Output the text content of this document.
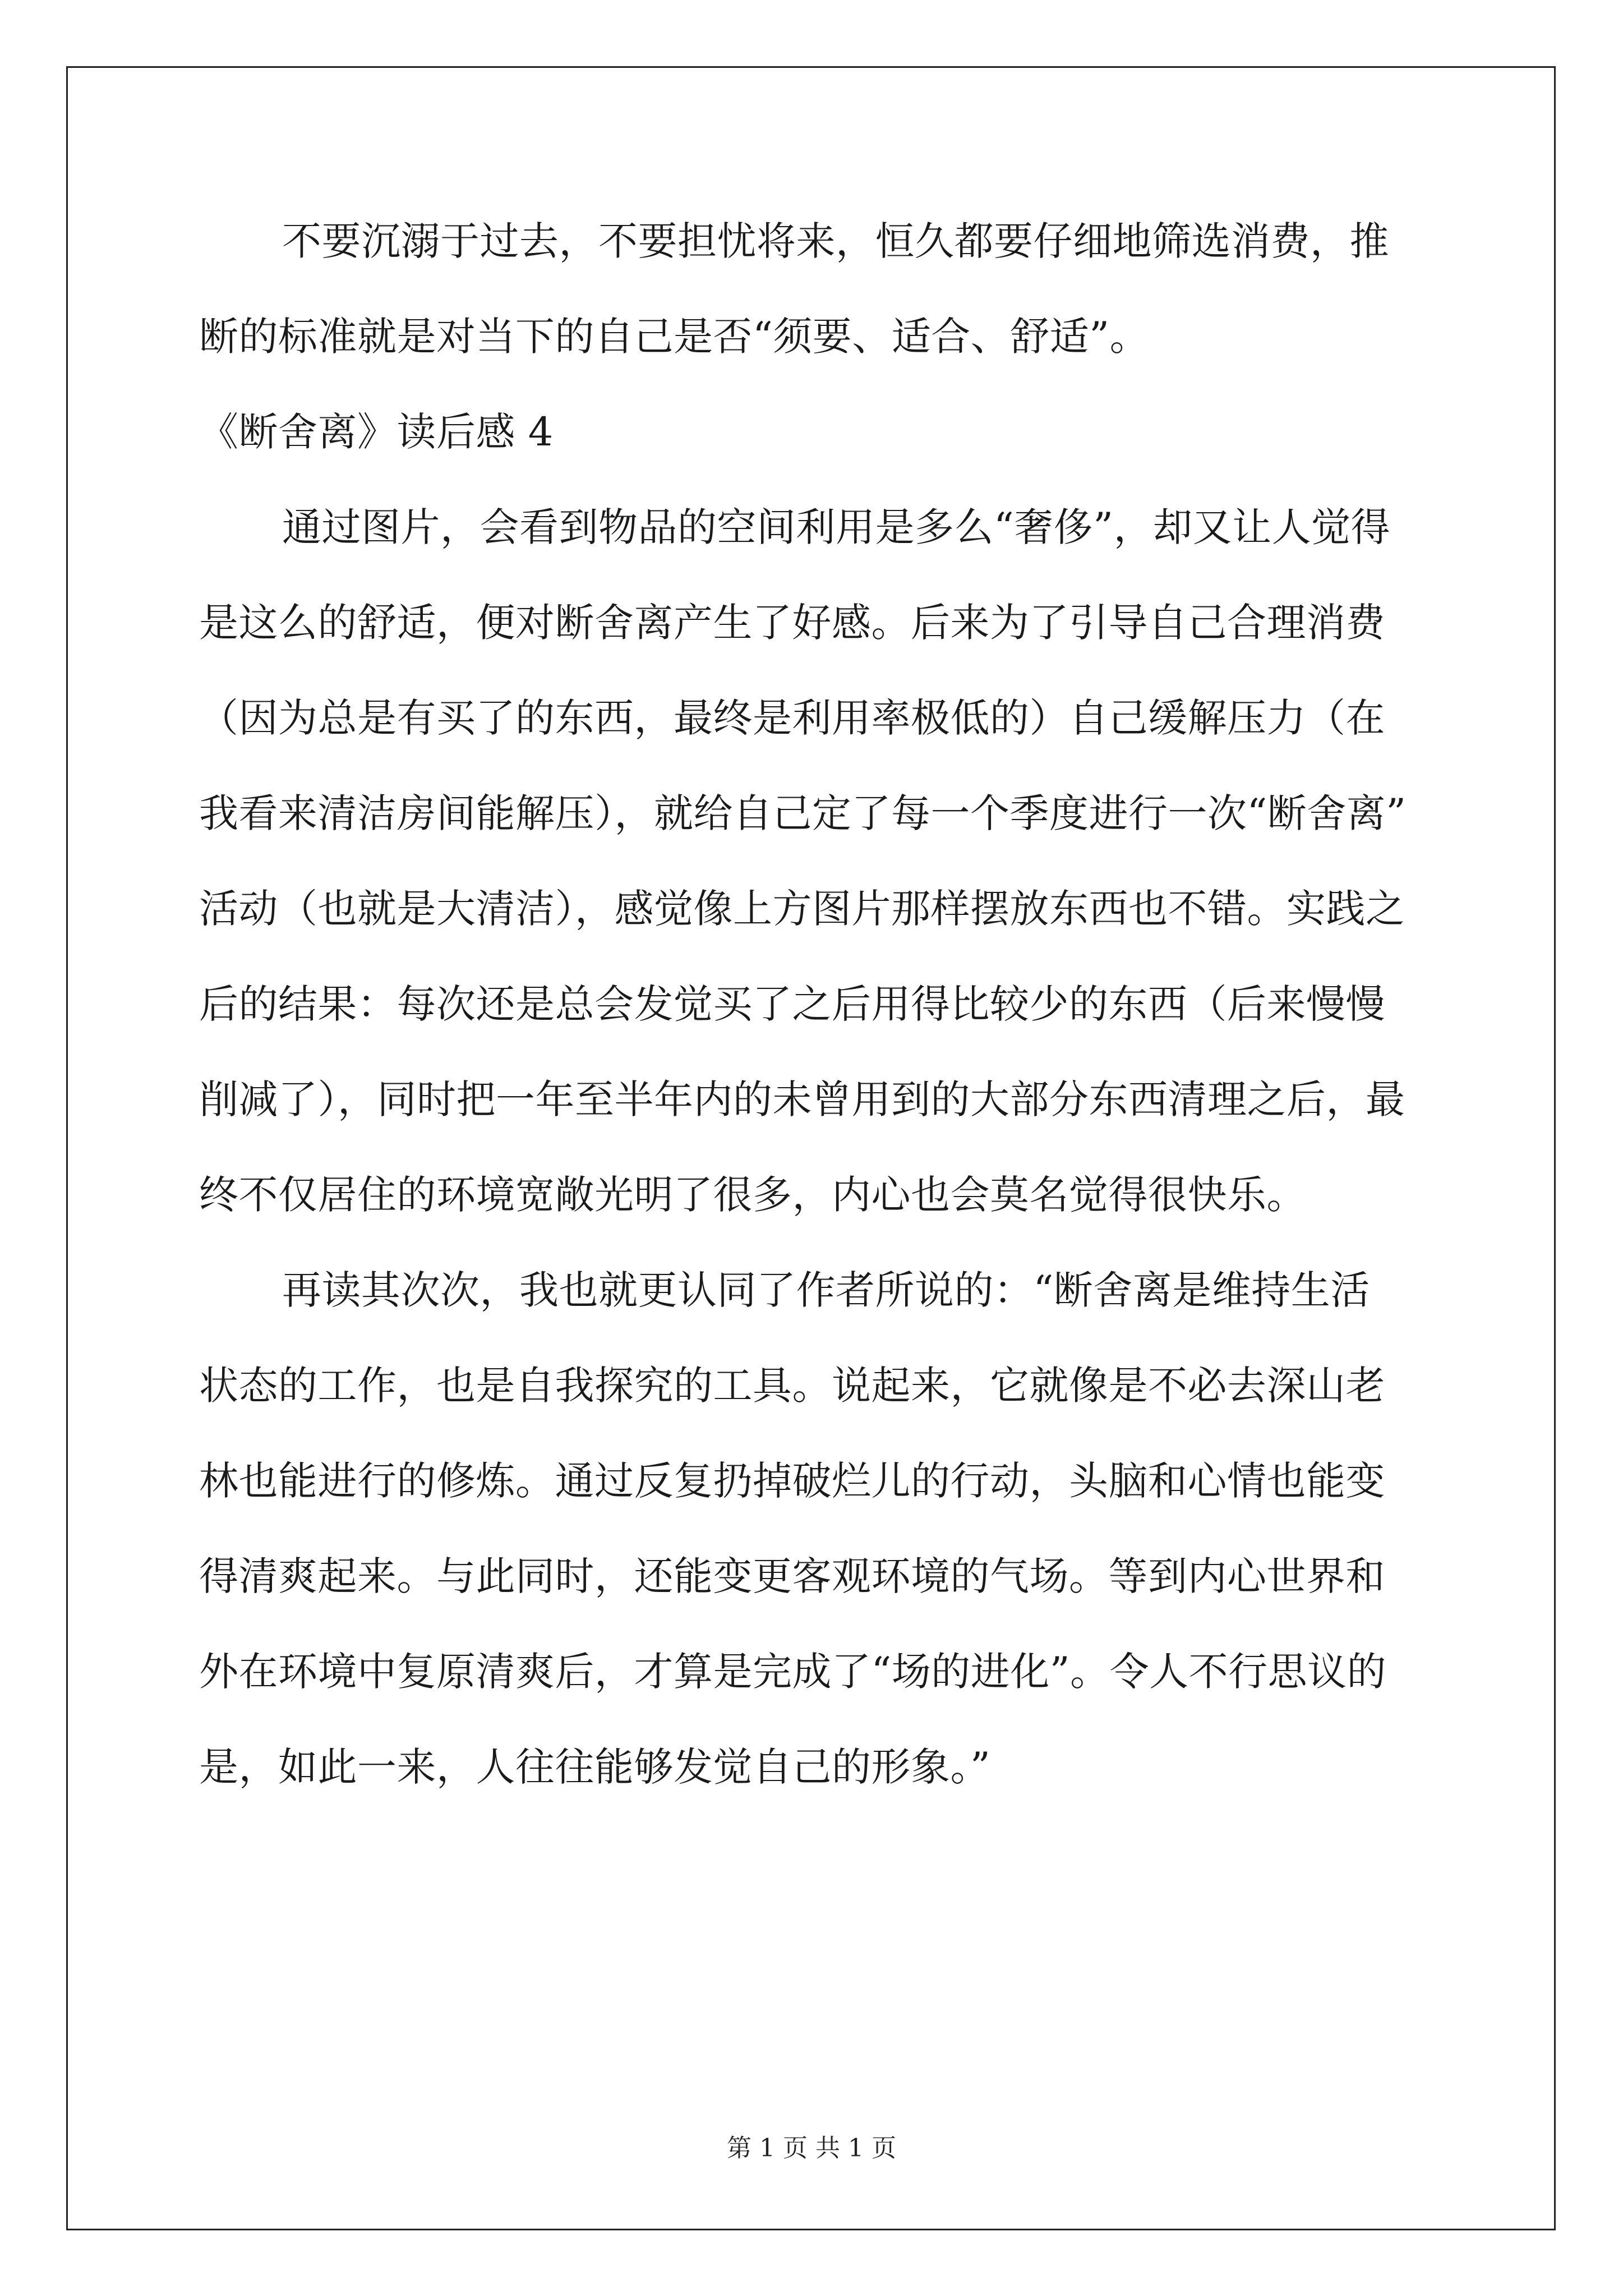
不要沉溺于过去，不要担忧将来，恒久都要仔细地筛选消费，推
断的标准就是对当下的自己是否“须要、适合、舒适”。
《断舍离》读后感 4
通过图片，会看到物品的空间利用是多么“奢侈”，却又让人觉得
是这么的舒适，便对断舍离产生了好感。后来为了引导自己合理消费
（因为总是有买了的东西，最终是利用率极低的）自己缓解压力（在
我看来清洁房间能解压），就给自己定了每一个季度进行一次“断舍离”
活动（也就是大清洁），感觉像上方图片那样摆放东西也不错。实践之
后的结果：每次还是总会发觉买了之后用得比较少的东西（后来慢慢
削减了），同时把一年至半年内的未曾用到的大部分东西清理之后，最
终不仅居住的环境宽敞光明了很多，内心也会莫名觉得很快乐。
再读其次次，我也就更认同了作者所说的：“断舍离是维持生活
状态的工作，也是自我探究的工具。说起来，它就像是不必去深山老
林也能进行的修炼。通过反复扔掉破烂儿的行动，头脑和心情也能变
得清爽起来。与此同时，还能变更客观环境的气场。等到内心世界和
外在环境中复原清爽后，才算是完成了“场的进化”。令人不行思议的
是，如此一来，人往往能够发觉自己的形象。”
第 1 页 共 1 页
